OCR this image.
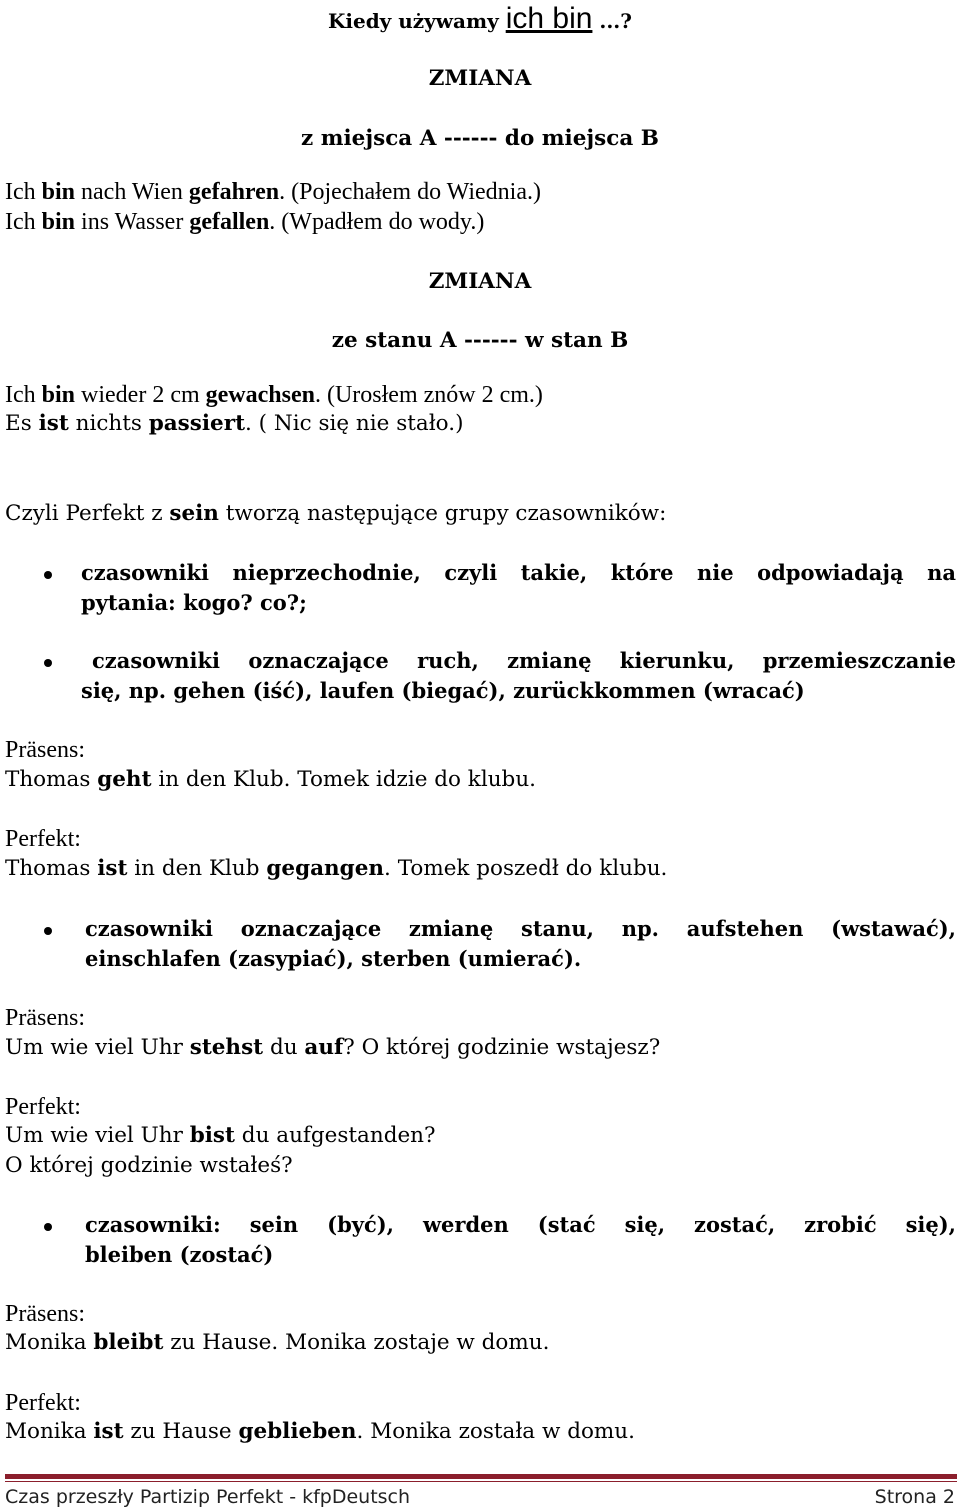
Kiedy używamy ich bin ...?
ZMIANA
z miejsca A ------ do miejsca B
Ich bin nach Wien gefahren. (Pojechałem do Wiednia.)
Ich bin ins Wasser gefallen. (Wpadłem do wody.)
ZMIANA
ze stanu A ------ w stan B
Ich bin wieder 2 cm gewachsen. (Urosłem znów 2 cm.)
Es ist nichts passiert. ( Nic się nie stało.)
Czyli Perfekt z sein tworzą następujące grupy czasowników:
czasowniki nieprzechodnie, czyli takie, które nie odpowiadają na
pytania: kogo? co?;
czasowniki oznaczające ruch, zmianę kierunku, przemieszczanie
się, np. gehen (iść), laufen (biegać), zurückkommen (wracać)
Präsens:
Thomas geht in den Klub. Tomek idzie do klubu.
Perfekt:
Thomas ist in den Klub gegangen. Tomek poszedł do klubu.
czasowniki oznaczające zmianę stanu, np. aufstehen (wstawać),
einschlafen (zasypiać), sterben (umierać).
Präsens:
Um wie viel Uhr stehst du auf? O której godzinie wstajesz?
Perfekt:
Um wie viel Uhr bist du aufgestanden?
O której godzinie wstałeś?
czasowniki: sein (być), werden (stać się, zostać, zrobić się),
bleiben (zostać)
Präsens:
Monika bleibt zu Hause. Monika zostaje w domu.
Perfekt:
Monika ist zu Hause geblieben. Monika została w domu.
Czas przeszły Partizip Perfekt - kfpDeutsch	Strona 2
